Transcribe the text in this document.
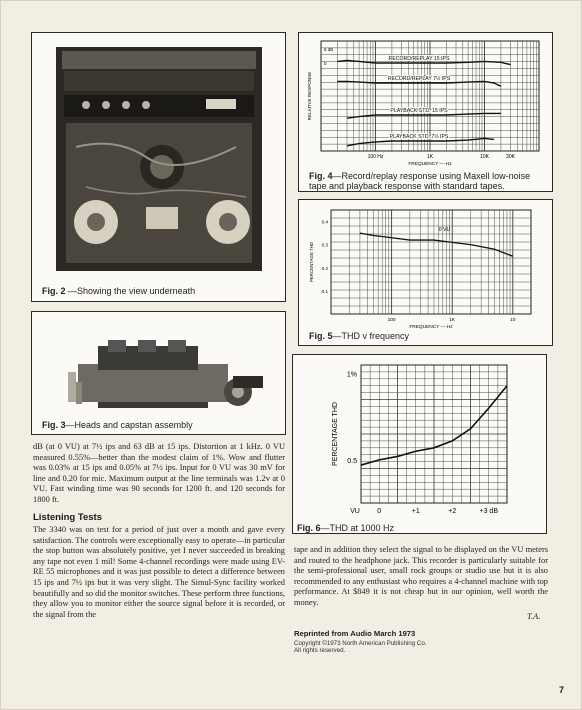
Fig. 2 —Showing the view underneath
Fig. 3—Heads and capstan assembly
RECORD/REPLAY 15 IPS
RECORD/REPLAY 7½ IPS
PLAYBACK STD. 15 IPS
PLAYBACK STD. 7½ IPS
5 dB
0
100 Hz	1K	10K	30K
FREQUENCY — Hz
RELATIVE RESPONSE
Fig. 4—Record/replay response using Maxell low-noise
tape and playback response with standard tapes.
0 VU
0.4
0.3
0.2
0.1
100	1K	10
FREQUENCY — Hz
PERCENTAGE THD
Fig. 5—THD v frequency
1%
0.5
PERCENTAGE THD
VU 0	+1	+2	+3 dB
Fig. 6—THD at 1000 Hz
dB (at 0 VU) at 7½ ips and 63 dB at 15 ips. Distortion at 1 kHz. 0 VU measured 0.55%—better than the modest claim of 1%. Wow and flutter was 0.03% at 15 ips and 0.05% at 7½ ips. Input for 0 VU was 30 mV for line and 0.20 for mic. Maximum output at the line terminals was 1.2v at 0 VU. Fast winding time was 90 seconds for 1200 ft. and 120 seconds for 1800 ft.
Listening Tests
The 3340 was on test for a period of just over a month and gave every satisfaction. The controls were exceptionally easy to operate—in particular the stop button was absolutely positive, yet I never succeeded in breaking any tape not even 1 mil! Some 4-channel recordings were made using EV-RE 55 microphones and it was just possible to detect a difference between 15 ips and 7½ ips but it was very slight. The Simul-Sync facility worked beautifully and so did the monitor switches. These perform three functions, they allow you to monitor either the source signal before it is recorded, or the signal from the
tape and in addition they select the signal to be displayed on the VU meters and routed to the headphone jack. This recorder is particularly suitable for the semi-professional user, small rock groups or studio use but it is also recommended to any enthusiast who requires a 4-channel machine with top performance. At $849 it is not cheap but in our opinion, well worth the money.
T.A.
Reprinted from Audio March 1973
Copyright ©1973 North American Publishing Co.
All rights reserved.
7
